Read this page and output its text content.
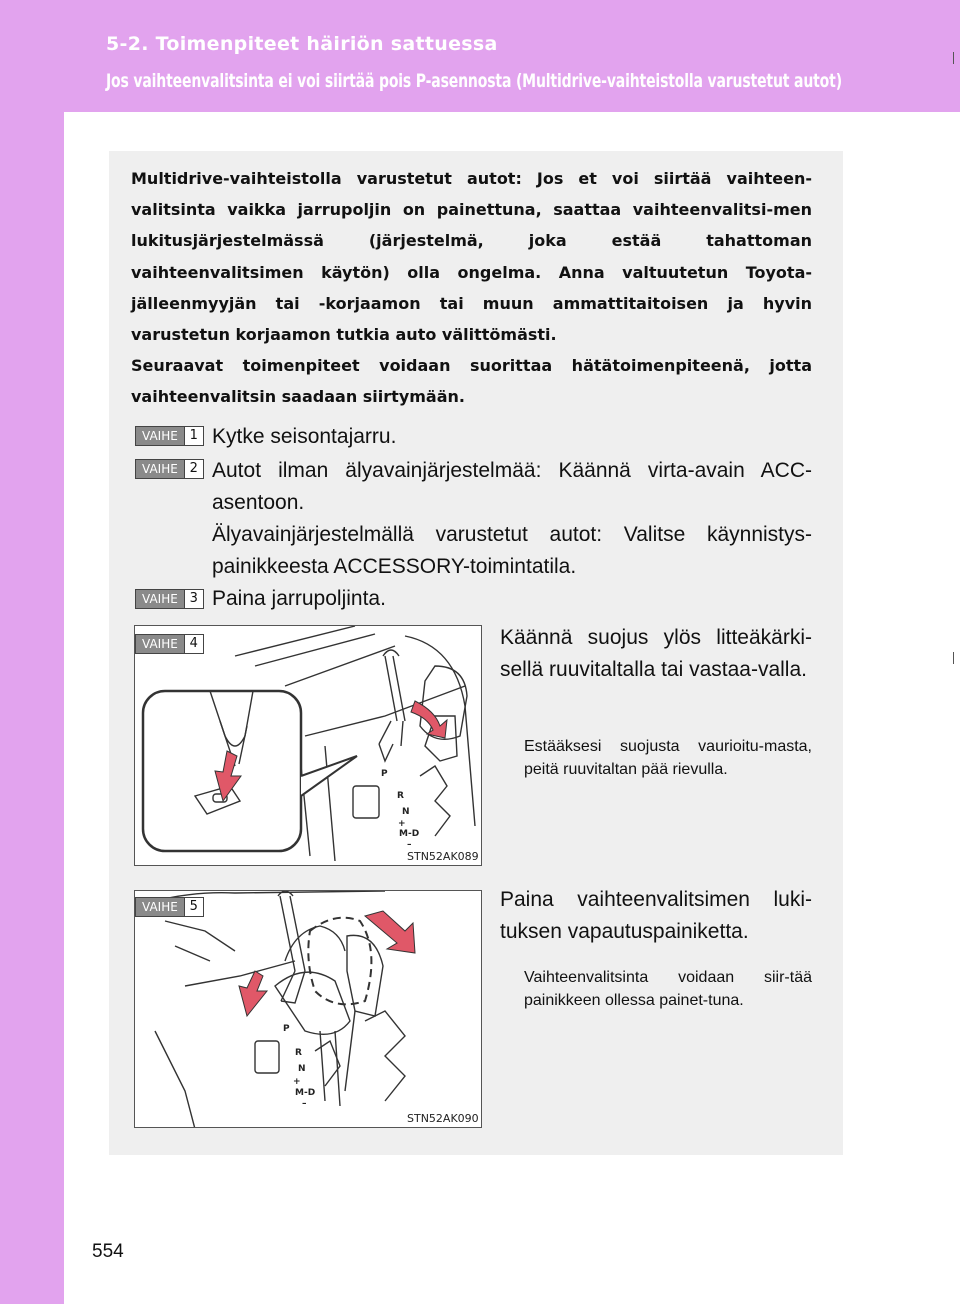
5-2. Toimenpiteet häiriön sattuessa
Jos vaihteenvalitsinta ei voi siirtää pois P-asennosta (Multidrive-vaihteistolla varustetut autot)

Multidrive-vaihteistolla varustetut autot: Jos et voi siirtää vaihteen-valitsinta vaikka jarrupoljin on painettuna, saattaa vaihteenvalitsi-men lukitusjärjestelmässä (järjestelmä, joka estää tahattoman vaihteenvalitsimen käytön) olla ongelma. Anna valtuutetun Toyota-jälleenmyyjän tai -korjaamon tai muun ammattitaitoisen ja hyvin varustetun korjaamon tutkia auto välittömästi.

Seuraavat toimenpiteet voidaan suorittaa hätätoimenpiteenä, jotta vaihteenvalitsin saadaan siirtymään.

VAIHE 1 Kytke seisontajarru.
VAIHE 2 Autot ilman älyavainjärjestelmää: Käännä virta-avain ACC-asentoon.

Älyavainjärjestelmällä varustetut autot: Valitse käynnistys-painikkeesta ACCESSORY-toimintatila.

VAIHE 3 Paina jarrupoljinta.
P
R
N
+
M-D
–
VAIHE 4
STN52AK089
Käännä suojus ylös litteäkärki-sellä ruuvitaltalla tai vastaa-valla.
Estääksesi suojusta vaurioitu-masta, peitä ruuvitaltan pää rievulla.
P
R
N
+
M-D
–
VAIHE 5
STN52AK090
Paina vaihteenvalitsimen luki-tuksen vapautuspainiketta.
Vaihteenvalitsinta voidaan siir-tää painikkeen ollessa painet-tuna.
554
